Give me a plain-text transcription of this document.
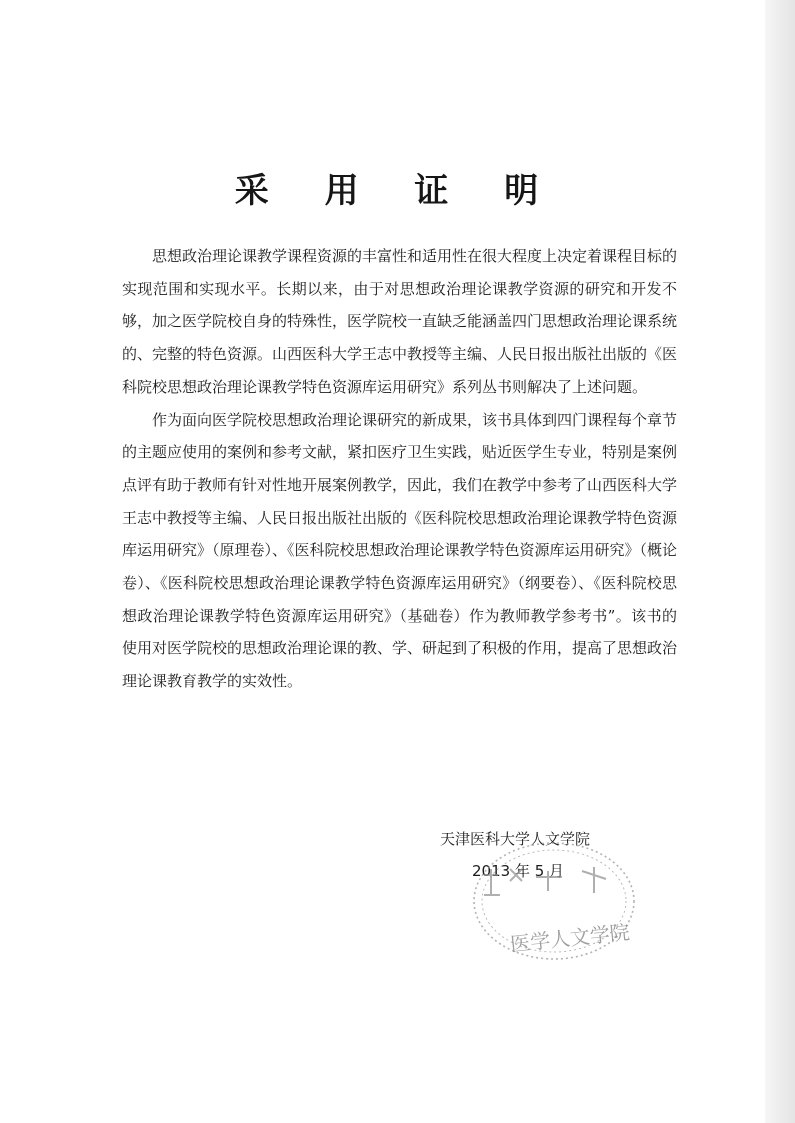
采 用 证 明

思想政治理论课教学课程资源的丰富性和适用性在很大程度上决定着课程目标的实现范围和实现水平。长期以来，由于对思想政治理论课教学资源的研究和开发不够，加之医学院校自身的特殊性，医学院校一直缺乏能涵盖四门思想政治理论课系统的、完整的特色资源。山西医科大学王志中教授等主编、人民日报出版社出版的《医科院校思想政治理论课教学特色资源库运用研究》系列丛书则解决了上述问题。

作为面向医学院校思想政治理论课研究的新成果，该书具体到四门课程每个章节的主题应使用的案例和参考文献，紧扣医疗卫生实践，贴近医学生专业，特别是案例点评有助于教师有针对性地开展案例教学，因此，我们在教学中参考了山西医科大学王志中教授等主编、人民日报出版社出版的《医科院校思想政治理论课教学特色资源库运用研究》（原理卷）、《医科院校思想政治理论课教学特色资源库运用研究》（概论卷）、《医科院校思想政治理论课教学特色资源库运用研究》（纲要卷）、《医科院校思想政治理论课教学特色资源库运用研究》（基础卷）作为教师教学参考书”。该书的使用对医学院校的思想政治理论课的教、学、研起到了积极的作用，提高了思想政治理论课教育教学的实效性。

天津医科大学人文学院

2013 年 5 月

医学人文学院
